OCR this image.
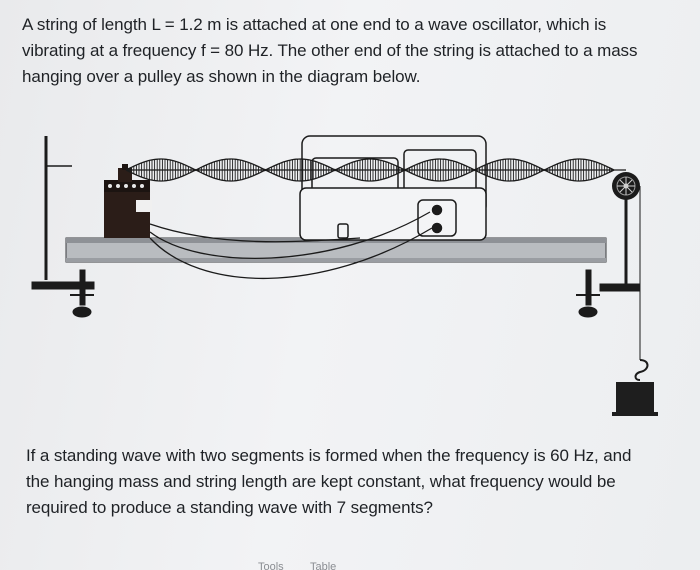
A string of length L = 1.2 m is attached at one end to a wave oscillator, which is
vibrating at a frequency f = 80 Hz. The other end of the string is attached to a mass
hanging over a pulley as shown in the diagram below.
If a standing wave with two segments is formed when the frequency is 60 Hz, and
the hanging mass and string length are kept constant, what frequency would be
required to produce a standing wave with 7 segments?
Tools Table
